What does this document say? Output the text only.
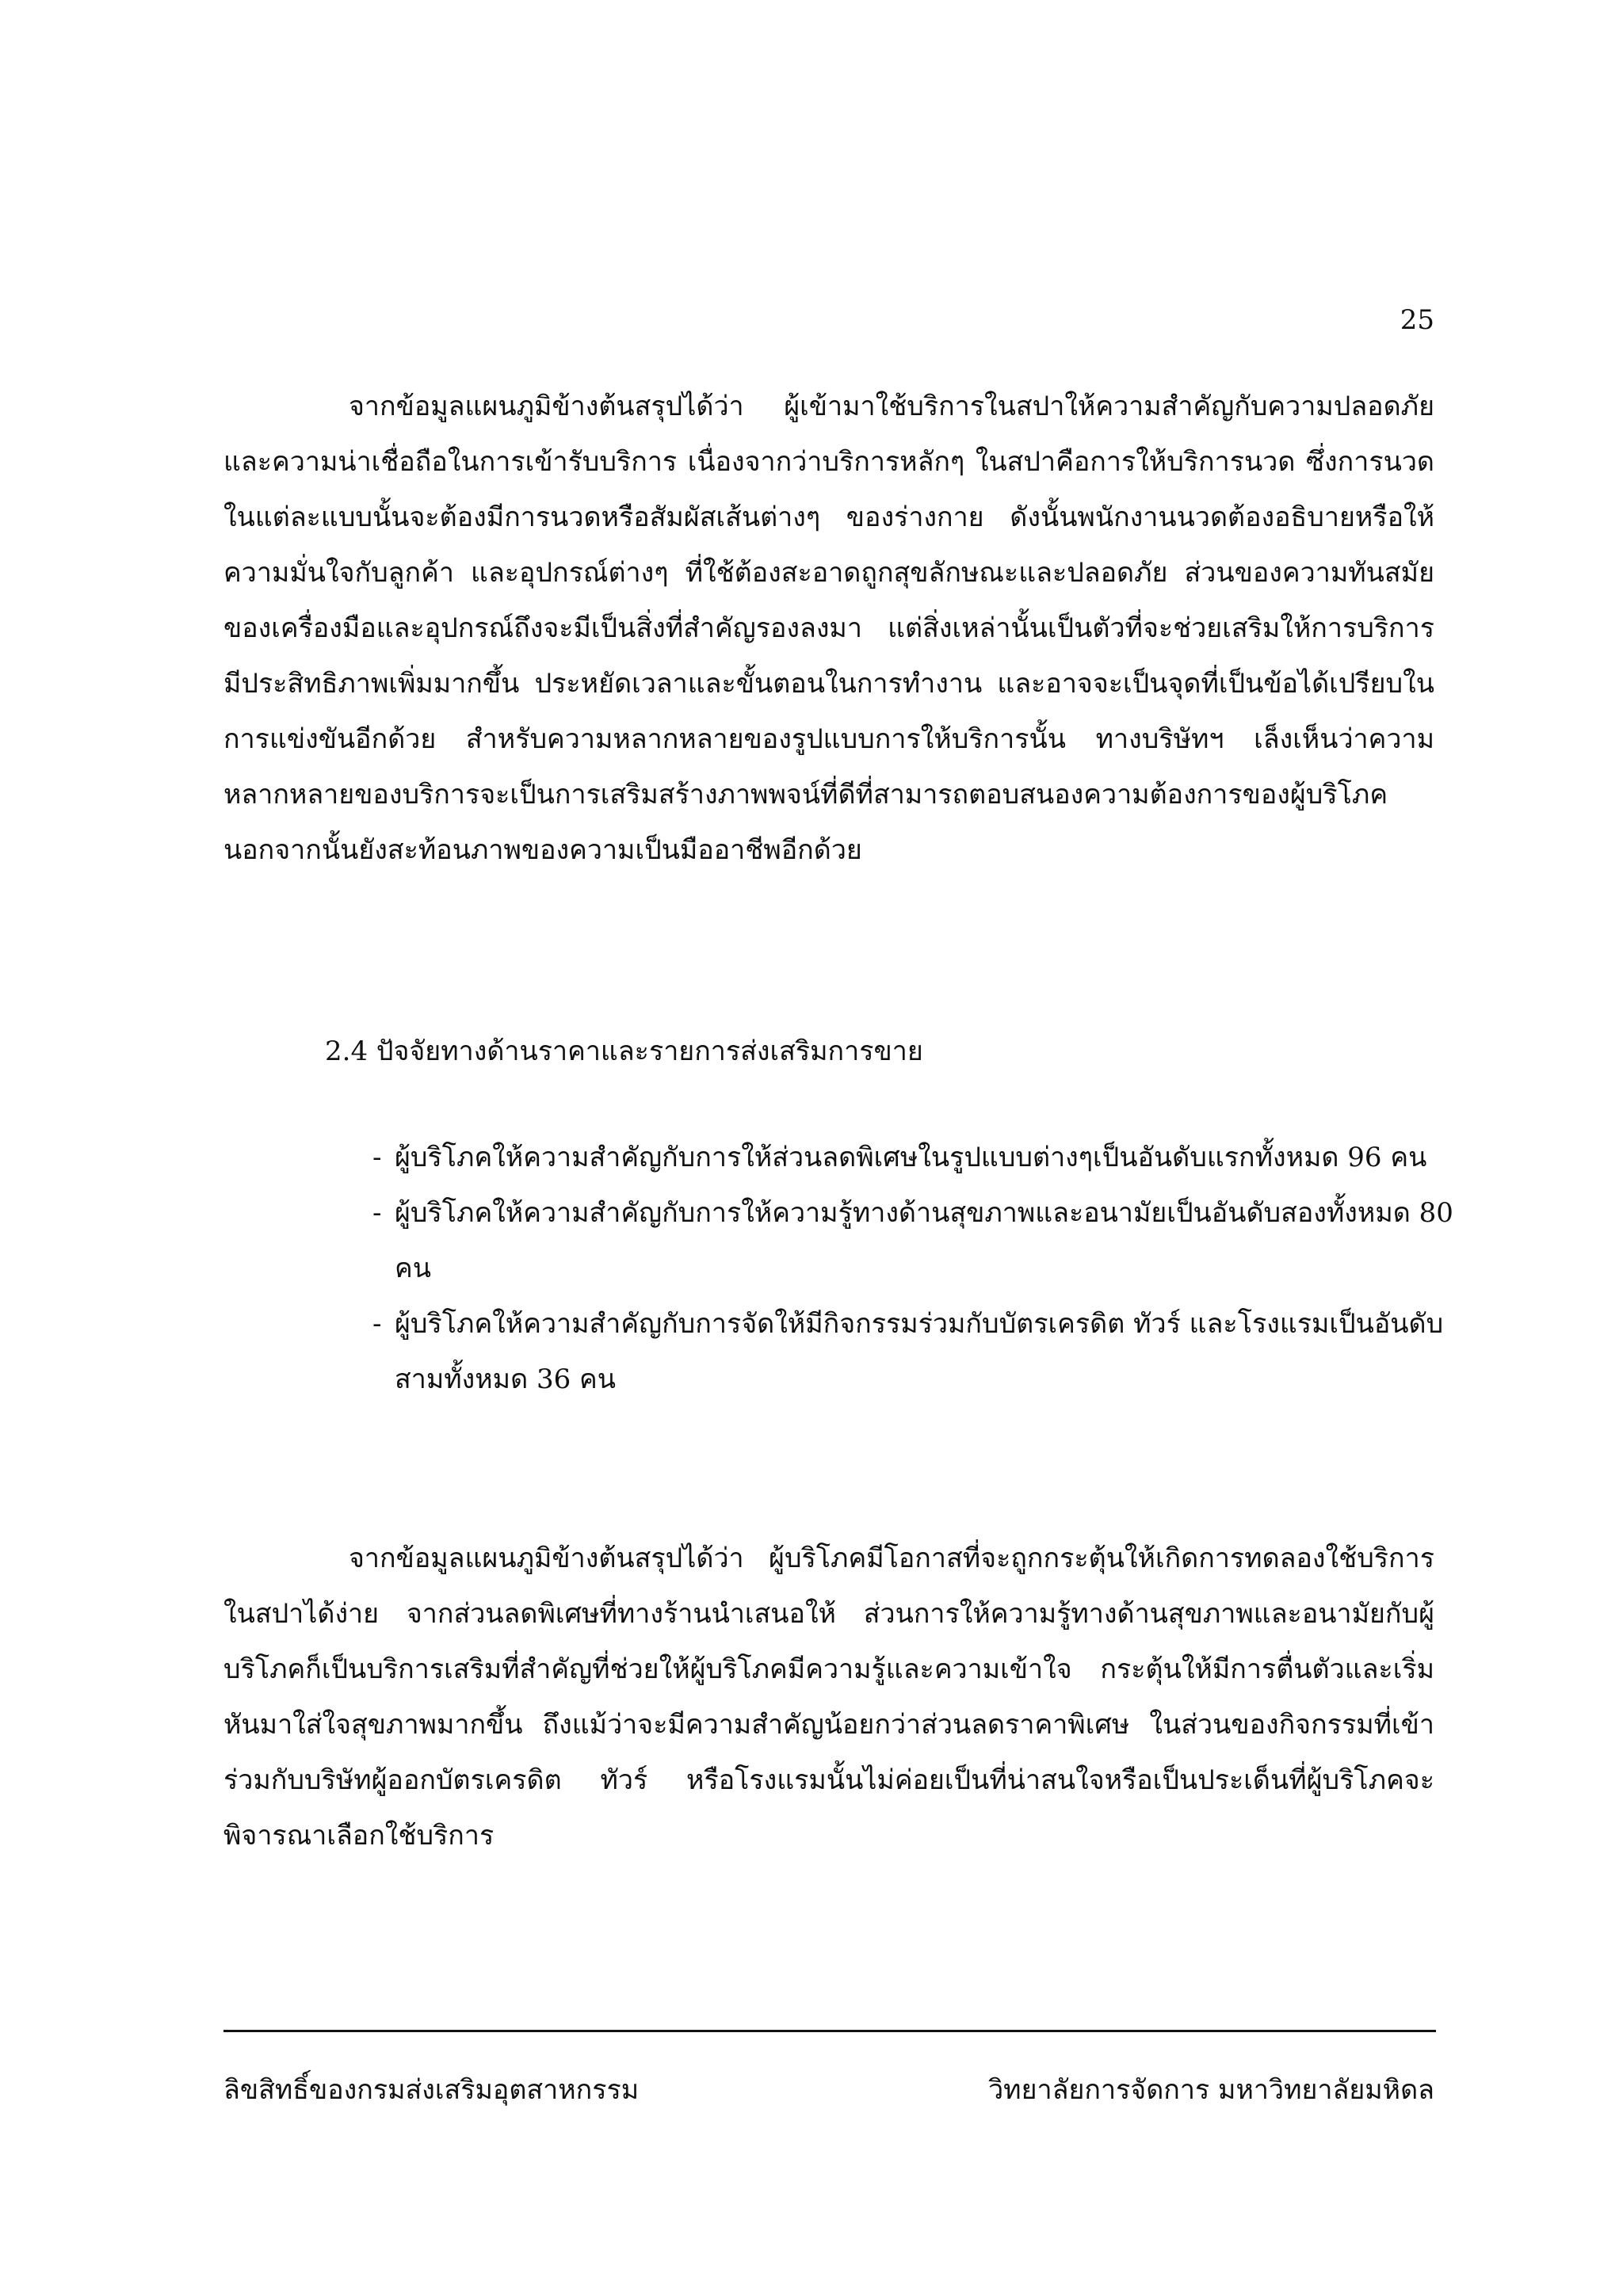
25

จากข้อมูลแผนภูมิข้างต้นสรุปได้ว่า ผู้เข้ามาใช้บริการในสปาให้ความสำคัญกับความปลอดภัยและความน่าเชื่อถือในการเข้ารับบริการ เนื่องจากว่าบริการหลักๆ ในสปาคือการให้บริการนวด ซึ่งการนวดในแต่ละแบบนั้นจะต้องมีการนวดหรือสัมผัสเส้นต่างๆ ของร่างกาย ดังนั้นพนักงานนวดต้องอธิบายหรือให้ความมั่นใจกับลูกค้า และอุปกรณ์ต่างๆ ที่ใช้ต้องสะอาดถูกสุขลักษณะและปลอดภัย ส่วนของความทันสมัยของเครื่องมือและอุปกรณ์ถึงจะมีเป็นสิ่งที่สำคัญรองลงมา แต่สิ่งเหล่านั้นเป็นตัวที่จะช่วยเสริมให้การบริการมีประสิทธิภาพเพิ่มมากขึ้น ประหยัดเวลาและขั้นตอนในการทำงาน และอาจจะเป็นจุดที่เป็นข้อได้เปรียบในการแข่งขันอีกด้วย สำหรับความหลากหลายของรูปแบบการให้บริการนั้น ทางบริษัทฯ เล็งเห็นว่าความหลากหลายของบริการจะเป็นการเสริมสร้างภาพพจน์ที่ดีที่สามารถตอบสนองความต้องการของผู้บริโภคนอกจากนั้นยังสะท้อนภาพของความเป็นมืออาชีพอีกด้วย

2.4 ปัจจัยทางด้านราคาและรายการส่งเสริมการขาย

- ผู้บริโภคให้ความสำคัญกับการให้ส่วนลดพิเศษในรูปแบบต่างๆเป็นอันดับแรกทั้งหมด 96 คน
- ผู้บริโภคให้ความสำคัญกับการให้ความรู้ทางด้านสุขภาพและอนามัยเป็นอันดับสองทั้งหมด 80 คน
- ผู้บริโภคให้ความสำคัญกับการจัดให้มีกิจกรรมร่วมกับบัตรเครดิต ทัวร์ และโรงแรมเป็นอันดับสามทั้งหมด 36 คน

จากข้อมูลแผนภูมิข้างต้นสรุปได้ว่า ผู้บริโภคมีโอกาสที่จะถูกกระตุ้นให้เกิดการทดลองใช้บริการในสปาได้ง่าย จากส่วนลดพิเศษที่ทางร้านนำเสนอให้ ส่วนการให้ความรู้ทางด้านสุขภาพและอนามัยกับผู้บริโภคก็เป็นบริการเสริมที่สำคัญที่ช่วยให้ผู้บริโภคมีความรู้และความเข้าใจ กระตุ้นให้มีการตื่นตัวและเริ่มหันมาใส่ใจสุขภาพมากขึ้น ถึงแม้ว่าจะมีความสำคัญน้อยกว่าส่วนลดราคาพิเศษ ในส่วนของกิจกรรมที่เข้าร่วมกับบริษัทผู้ออกบัตรเครดิต ทัวร์ หรือโรงแรมนั้นไม่ค่อยเป็นที่น่าสนใจหรือเป็นประเด็นที่ผู้บริโภคจะพิจารณาเลือกใช้บริการ

ลิขสิทธิ์ของกรมส่งเสริมอุตสาหกรรม	วิทยาลัยการจัดการ มหาวิทยาลัยมหิดล
